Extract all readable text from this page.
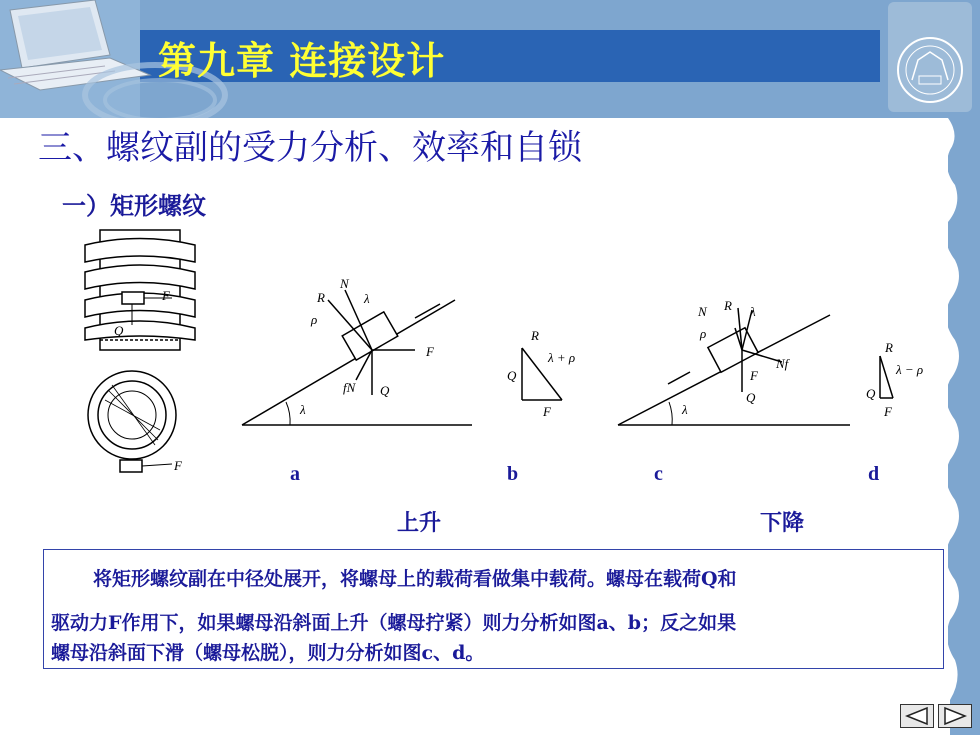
第九章 连接设计
三、螺纹副的受力分析、效率和自锁
一）矩形螺纹
F
Q
F
N
R	λ
ρ
F
fN Q
λ
R
λ + ρ
Q
F
N R λ
ρ
Nf
F
Q
λ
R
λ − ρ
Q
F
a	b	c	d
上升	下降
将矩形螺纹副在中径处展开，将螺母上的载荷看做集中载荷。螺母在载荷Q和
驱动力F作用下，如果螺母沿斜面上升（螺母拧紧）则力分析如图a、b；反之如果
螺母沿斜面下滑（螺母松脱），则力分析如图c、d。
